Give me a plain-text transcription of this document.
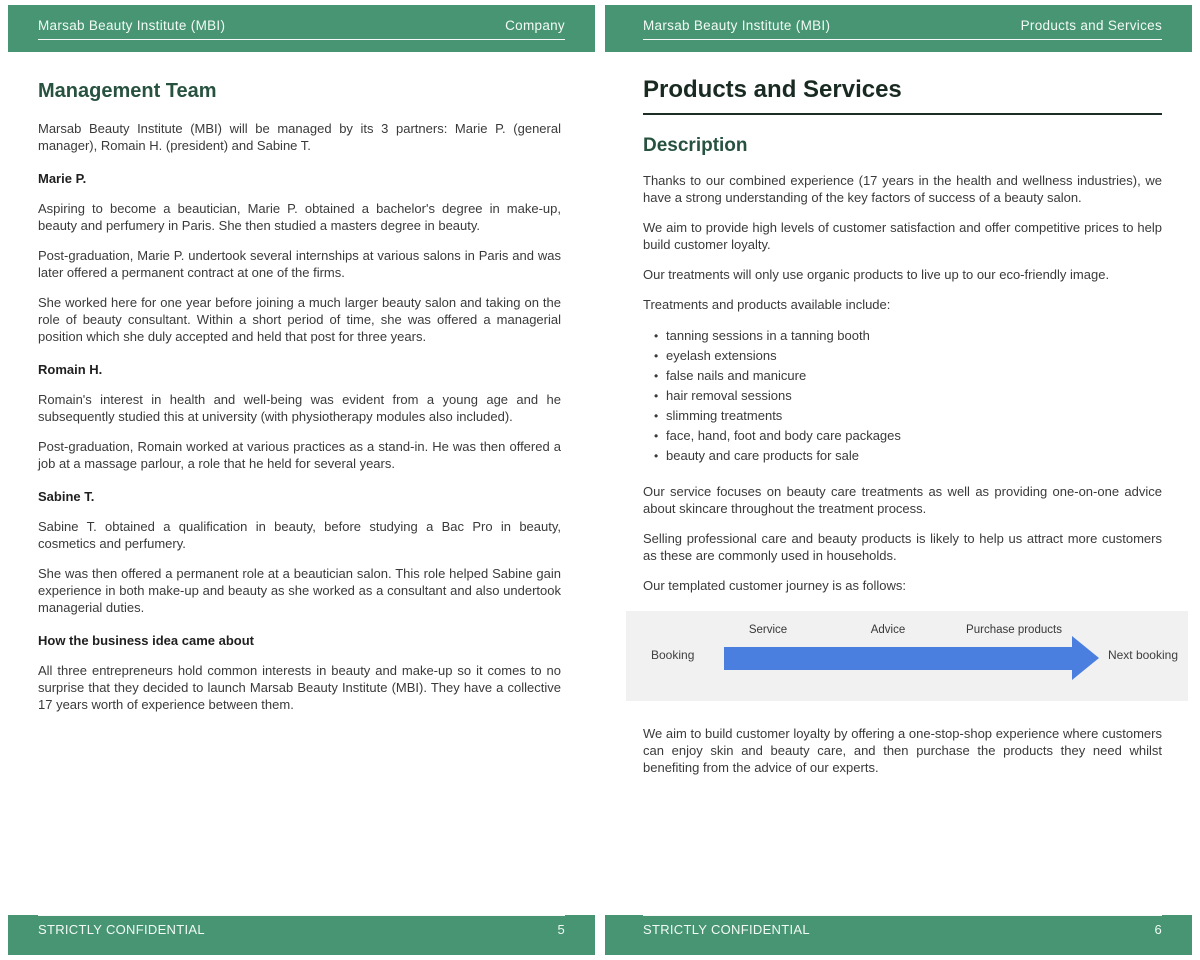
Marsab Beauty Institute (MBI)	Company
Management Team

Marsab Beauty Institute (MBI) will be managed by its 3 partners: Marie P. (general manager), Romain H. (president) and Sabine T.

Marie P.

Aspiring to become a beautician, Marie P. obtained a bachelor's degree in make-up, beauty and perfumery in Paris. She then studied a masters degree in beauty.

Post-graduation, Marie P. undertook several internships at various salons in Paris and was later offered a permanent contract at one of the firms.

She worked here for one year before joining a much larger beauty salon and taking on the role of beauty consultant. Within a short period of time, she was offered a managerial position which she duly accepted and held that post for three years.

Romain H.

Romain's interest in health and well-being was evident from a young age and he subsequently studied this at university (with physiotherapy modules also included).

Post-graduation, Romain worked at various practices as a stand-in. He was then offered a job at a massage parlour, a role that he held for several years.

Sabine T.

Sabine T. obtained a qualification in beauty, before studying a Bac Pro in beauty, cosmetics and perfumery.

She was then offered a permanent role at a beautician salon. This role helped Sabine gain experience in both make-up and beauty as she worked as a consultant and also undertook managerial duties.

How the business idea came about

All three entrepreneurs hold common interests in beauty and make-up so it comes to no surprise that they decided to launch Marsab Beauty Institute (MBI). They have a collective 17 years worth of experience between them.

STRICTLY CONFIDENTIAL	5
Marsab Beauty Institute (MBI)	Products and Services
Products and Services
Description

Thanks to our combined experience (17 years in the health and wellness industries), we have a strong understanding of the key factors of success of a beauty salon.

We aim to provide high levels of customer satisfaction and offer competitive prices to help build customer loyalty.

Our treatments will only use organic products to live up to our eco-friendly image.

Treatments and products available include:

• tanning sessions in a tanning booth
• eyelash extensions
• false nails and manicure
• hair removal sessions
• slimming treatments
• face, hand, foot and body care packages
• beauty and care products for sale

Our service focuses on beauty care treatments as well as providing one-on-one advice about skincare throughout the treatment process.

Selling professional care and beauty products is likely to help us attract more customers as these are commonly used in households.

Our templated customer journey is as follows:

Booking
Service	Advice	Purchase products
Next booking

We aim to build customer loyalty by offering a one-stop-shop experience where customers can enjoy skin and beauty care, and then purchase the products they need whilst benefiting from the advice of our experts.

STRICTLY CONFIDENTIAL	6
